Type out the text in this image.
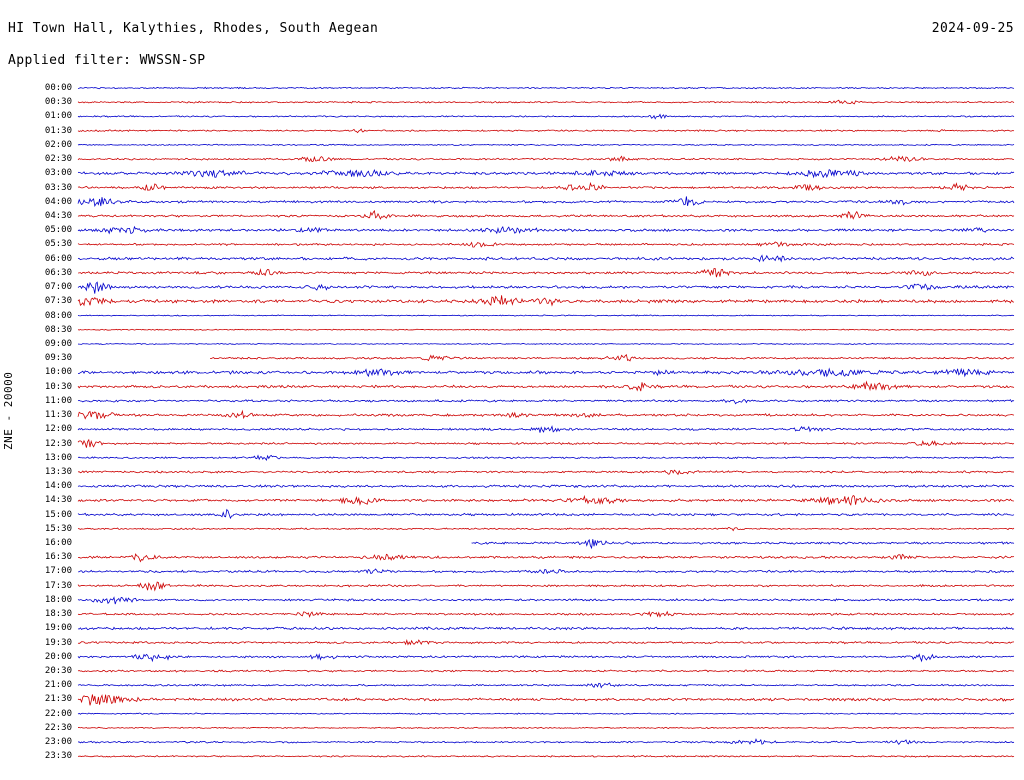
HI Town Hall, Kalythies, Rhodes, South Aegean	2024-09-25
Applied filter: WWSSN-SP
ZNE - 20000
00:00
00:30
01:00
01:30
02:00
02:30
03:00
03:30
04:00
04:30
05:00
05:30
06:00
06:30
07:00
07:30
08:00
08:30
09:00
09:30
10:00
10:30
11:00
11:30
12:00
12:30
13:00
13:30
14:00
14:30
15:00
15:30
16:00
16:30
17:00
17:30
18:00
18:30
19:00
19:30
20:00
20:30
21:00
21:30
22:00
22:30
23:00
23:30
